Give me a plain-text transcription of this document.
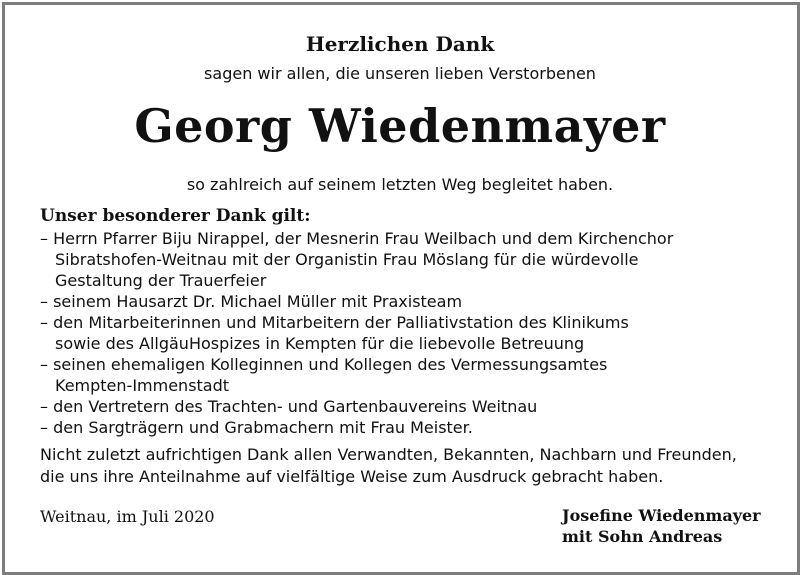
Herzlichen Dank
sagen wir allen, die unseren lieben Verstorbenen
Georg Wiedenmayer
so zahlreich auf seinem letzten Weg begleitet haben.
Unser besonderer Dank gilt:
– Herrn Pfarrer Biju Nirappel, der Mesnerin Frau Weilbach und dem Kirchenchor
Sibratshofen-Weitnau mit der Organistin Frau Möslang für die würdevolle
Gestaltung der Trauerfeier
– seinem Hausarzt Dr. Michael Müller mit Praxisteam
– den Mitarbeiterinnen und Mitarbeitern der Palliativstation des Klinikums
sowie des AllgäuHospizes in Kempten für die liebevolle Betreuung
– seinen ehemaligen Kolleginnen und Kollegen des Vermessungsamtes
Kempten-Immenstadt
– den Vertretern des Trachten- und Gartenbauvereins Weitnau
– den Sargträgern und Grabmachern mit Frau Meister.
Nicht zuletzt aufrichtigen Dank allen Verwandten, Bekannten, Nachbarn und Freunden,
die uns ihre Anteilnahme auf vielfältige Weise zum Ausdruck gebracht haben.
Weitnau, im Juli 2020	Josefine Wiedenmayer
mit Sohn Andreas
